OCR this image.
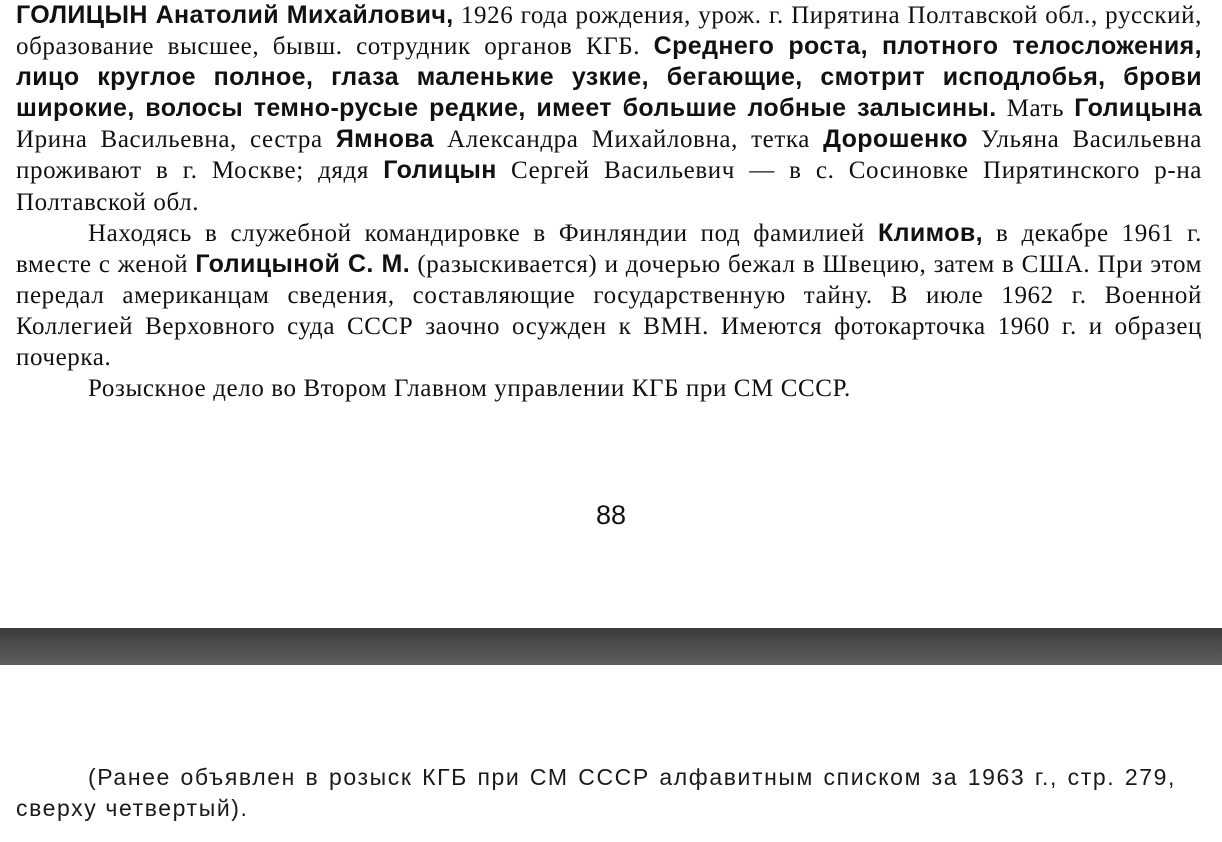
ГОЛИЦЫН Анатолий Михайлович, 1926 года рождения, урож. г. Пирятина Полтавской обл., русский, образование высшее, бывш. сотрудник органов КГБ. Среднего роста, плотного телосложения, лицо круглое полное, глаза маленькие узкие, бегающие, смотрит исподлобья, брови широкие, волосы темно-русые редкие, имеет большие лобные залысины. Мать Голицына Ирина Васильевна, сестра Ямнова Александра Михайловна, тетка Дорошенко Ульяна Васильевна проживают в г. Москве; дядя Голицын Сергей Васильевич — в с. Сосиновке Пирятинского р-на Полтавской обл.

Находясь в служебной командировке в Финляндии под фамилией Климов, в декабре 1961 г. вместе с женой Голицыной С. М. (разыскивается) и дочерью бежал в Швецию, затем в США. При этом передал американцам сведения, составляющие государственную тайну. В июле 1962 г. Военной Коллегией Верховного суда СССР заочно осужден к ВМН. Имеются фотокарточка 1960 г. и образец почерка.

Розыскное дело во Втором Главном управлении КГБ при СМ СССР.

88

(Ранее объявлен в розыск КГБ при СМ СССР алфавитным списком за 1963 г., стр. 279, сверху четвертый).
